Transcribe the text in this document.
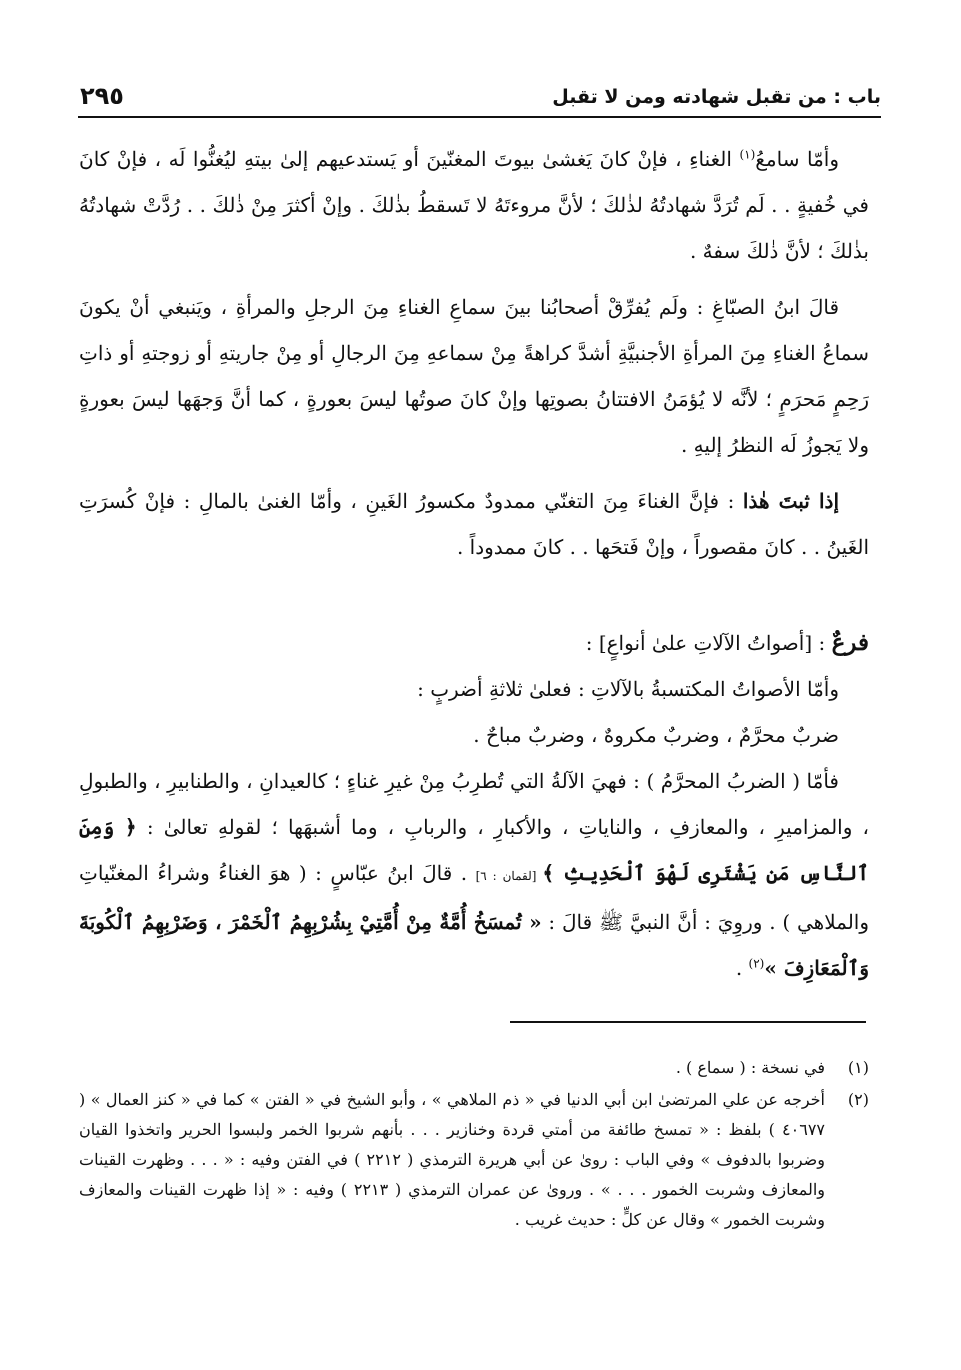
باب : من تقبل شهادته ومن لا تقبل
٢٩٥

وأمّا سامعُ$^{(١)}$ الغناءِ ، فإنْ كانَ يَغشىٰ بيوتَ المغنّينَ أو يَستدعيهم إلىٰ بيتهِ ليُغنُّوا لَه ، فإنْ كانَ في خُفيةٍ . . لَم تُرَدَّ شهادتُهُ لذٰلكَ ؛ لأنَّ مروءتَهُ لا تَسقطُ بذٰلكَ . وإنْ أكثرَ مِنْ ذٰلكَ . . رُدَّتْ شهادتُهُ بذٰلكَ ؛ لأنَّ ذٰلكَ سفهٌ .

قالَ ابنُ الصبّاغِ : ولَم يُفرِّقْ أصحابُنا بينَ سماعِ الغناءِ مِنَ الرجلِ والمرأةِ ، ويَنبغي أنْ يكونَ سماعُ الغناءِ مِنَ المرأةِ الأجنبيَّةِ أشدَّ كراهةً مِنْ سماعهِ مِنَ الرجالِ أو مِنْ جاريتهِ أو زوجتهِ أو ذاتِ رَحِمٍ مَحرَمٍ ؛ لأنَّه لا يُؤمَنُ الافتتانُ بصوتِها وإنْ كانَ صوتُها ليسَ بعورةٍ ، كما أنَّ وَجهَها ليسَ بعورةٍ ولا يَجوزُ لَه النظرُ إليهِ .

إذا ثبتَ هٰذا : فإنَّ الغناءَ مِنَ التغنّي ممدودٌ مكسورُ الغَينِ ، وأمّا الغنىٰ بالمالِ : فإنْ كُسرَتِ الغَينُ . . كانَ مقصوراً ، وإنْ فَتحَها . . كانَ ممدوداً .

فرعٌ : [أصواتُ الآلاتِ علىٰ أنواعٍ] :

وأمّا الأصواتُ المكتسبةُ بالآلاتِ : فعلىٰ ثلاثةِ أضربٍ :

ضربٌ محرَّمٌ ، وضربٌ مكروهٌ ، وضربٌ مباحٌ .

فأمّا ( الضربُ المحرَّمُ ) : فهيَ الآلةُ التي تُطرِبُ مِنْ غيرِ غناءٍ ؛ كالعيدانِ ، والطنابيرِ ، والطبولِ ، والمزاميرِ ، والمعازفِ ، والناياتِ ، والأكبارِ ، والربابِ ، وما أشبهَها ؛ لقولهِ تعالىٰ : ﴿ وَمِنَ ٱلنَّاسِ مَن يَشْتَرِى لَهْوَ ٱلْحَدِيثِ ﴾ [لقمان : ٦] . قالَ ابنُ عبّاسٍ : ( هوَ الغناءُ وشراءُ المغنّياتِ والملاهي ) . وروِيَ : أنَّ النبيَّ ﷺ قالَ : « تُمسَخُ أُمَّةٌ مِنْ أُمَّتِيْ بِشُرْبِهِمُ ٱلْخَمْرَ ، وَضَرْبِهِمُ ٱلْكُوبَةَ وَٱلْمَعَازِفَ »$^{(٢)}$ .

(١)
في نسخة : ( سماع ) .
(٢)
أخرجه عن علي المرتضىٰ ابن أبي الدنيا في « ذم الملاهي » ، وأبو الشيخ في « الفتن » كما في « كنز العمال » ( ٤٠٦٧٧ ) بلفظ : « تمسخ طائفة من أمتي قردة وخنازير . . . بأنهم شربوا الخمر ولبسوا الحرير واتخذوا القيان وضربوا بالدفوف » وفي الباب : روىٰ عن أبي هريرة الترمذي ( ٢٢١٢ ) في الفتن وفيه : « . . . وظهرت القينات والمعازف وشربت الخمور . . . » . ورویٰ عن عمران الترمذي ( ٢٢١٣ ) وفيه : « إذا ظهرت القينات والمعازف وشربت الخمور » وقال عن كلٍّ : حديث غريب .
